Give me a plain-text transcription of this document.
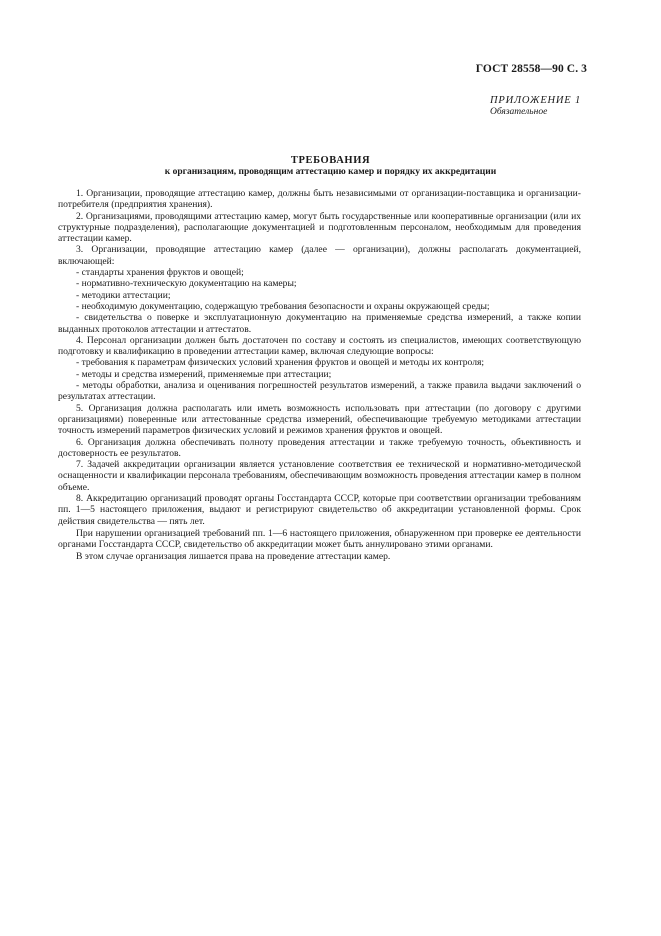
ГОСТ 28558—90 С. 3
ПРИЛОЖЕНИЕ 1
Обязательное
ТРЕБОВАНИЯ
к организациям, проводящим аттестацию камер и порядку их аккредитации

1. Организации, проводящие аттестацию камер, должны быть независимыми от организации-поставщика и организации-потребителя (предприятия хранения).

2. Организациями, проводящими аттестацию камер, могут быть государственные или кооперативные организации (или их структурные подразделения), располагающие документацией и подготовленным персоналом, необходимым для проведения аттестации камер.

3. Организации, проводящие аттестацию камер (далее — организации), должны располагать документацией, включающей:

- стандарты хранения фруктов и овощей;

- нормативно-техническую документацию на камеры;

- методики аттестации;

- необходимую документацию, содержащую требования безопасности и охраны окружающей среды;

- свидетельства о поверке и эксплуатационную документацию на применяемые средства измерений, а также копии выданных протоколов аттестации и аттестатов.

4. Персонал организации должен быть достаточен по составу и состоять из специалистов, имеющих соответствующую подготовку и квалификацию в проведении аттестации камер, включая следующие вопросы:

- требования к параметрам физических условий хранения фруктов и овощей и методы их контроля;

- методы и средства измерений, применяемые при аттестации;

- методы обработки, анализа и оценивания погрешностей результатов измерений, а также правила выдачи заключений о результатах аттестации.

5. Организация должна располагать или иметь возможность использовать при аттестации (по договору с другими организациями) поверенные или аттестованные средства измерений, обеспечивающие требуемую методиками аттестации точность измерений параметров физических условий и режимов хранения фруктов и овощей.

6. Организация должна обеспечивать полноту проведения аттестации и также требуемую точность, объективность и достоверность ее результатов.

7. Задачей аккредитации организации является установление соответствия ее технической и нормативно-методической оснащенности и квалификации персонала требованиям, обеспечивающим возможность проведения аттестации камер в полном объеме.

8. Аккредитацию организаций проводят органы Госстандарта СССР, которые при соответствии организации требованиям пп. 1—5 настоящего приложения, выдают и регистрируют свидетельство об аккредитации установленной формы. Срок действия свидетельства — пять лет.

При нарушении организацией требований пп. 1—6 настоящего приложения, обнаруженном при проверке ее деятельности органами Госстандарта СССР, свидетельство об аккредитации может быть аннулировано этими органами.

В этом случае организация лишается права на проведение аттестации камер.
